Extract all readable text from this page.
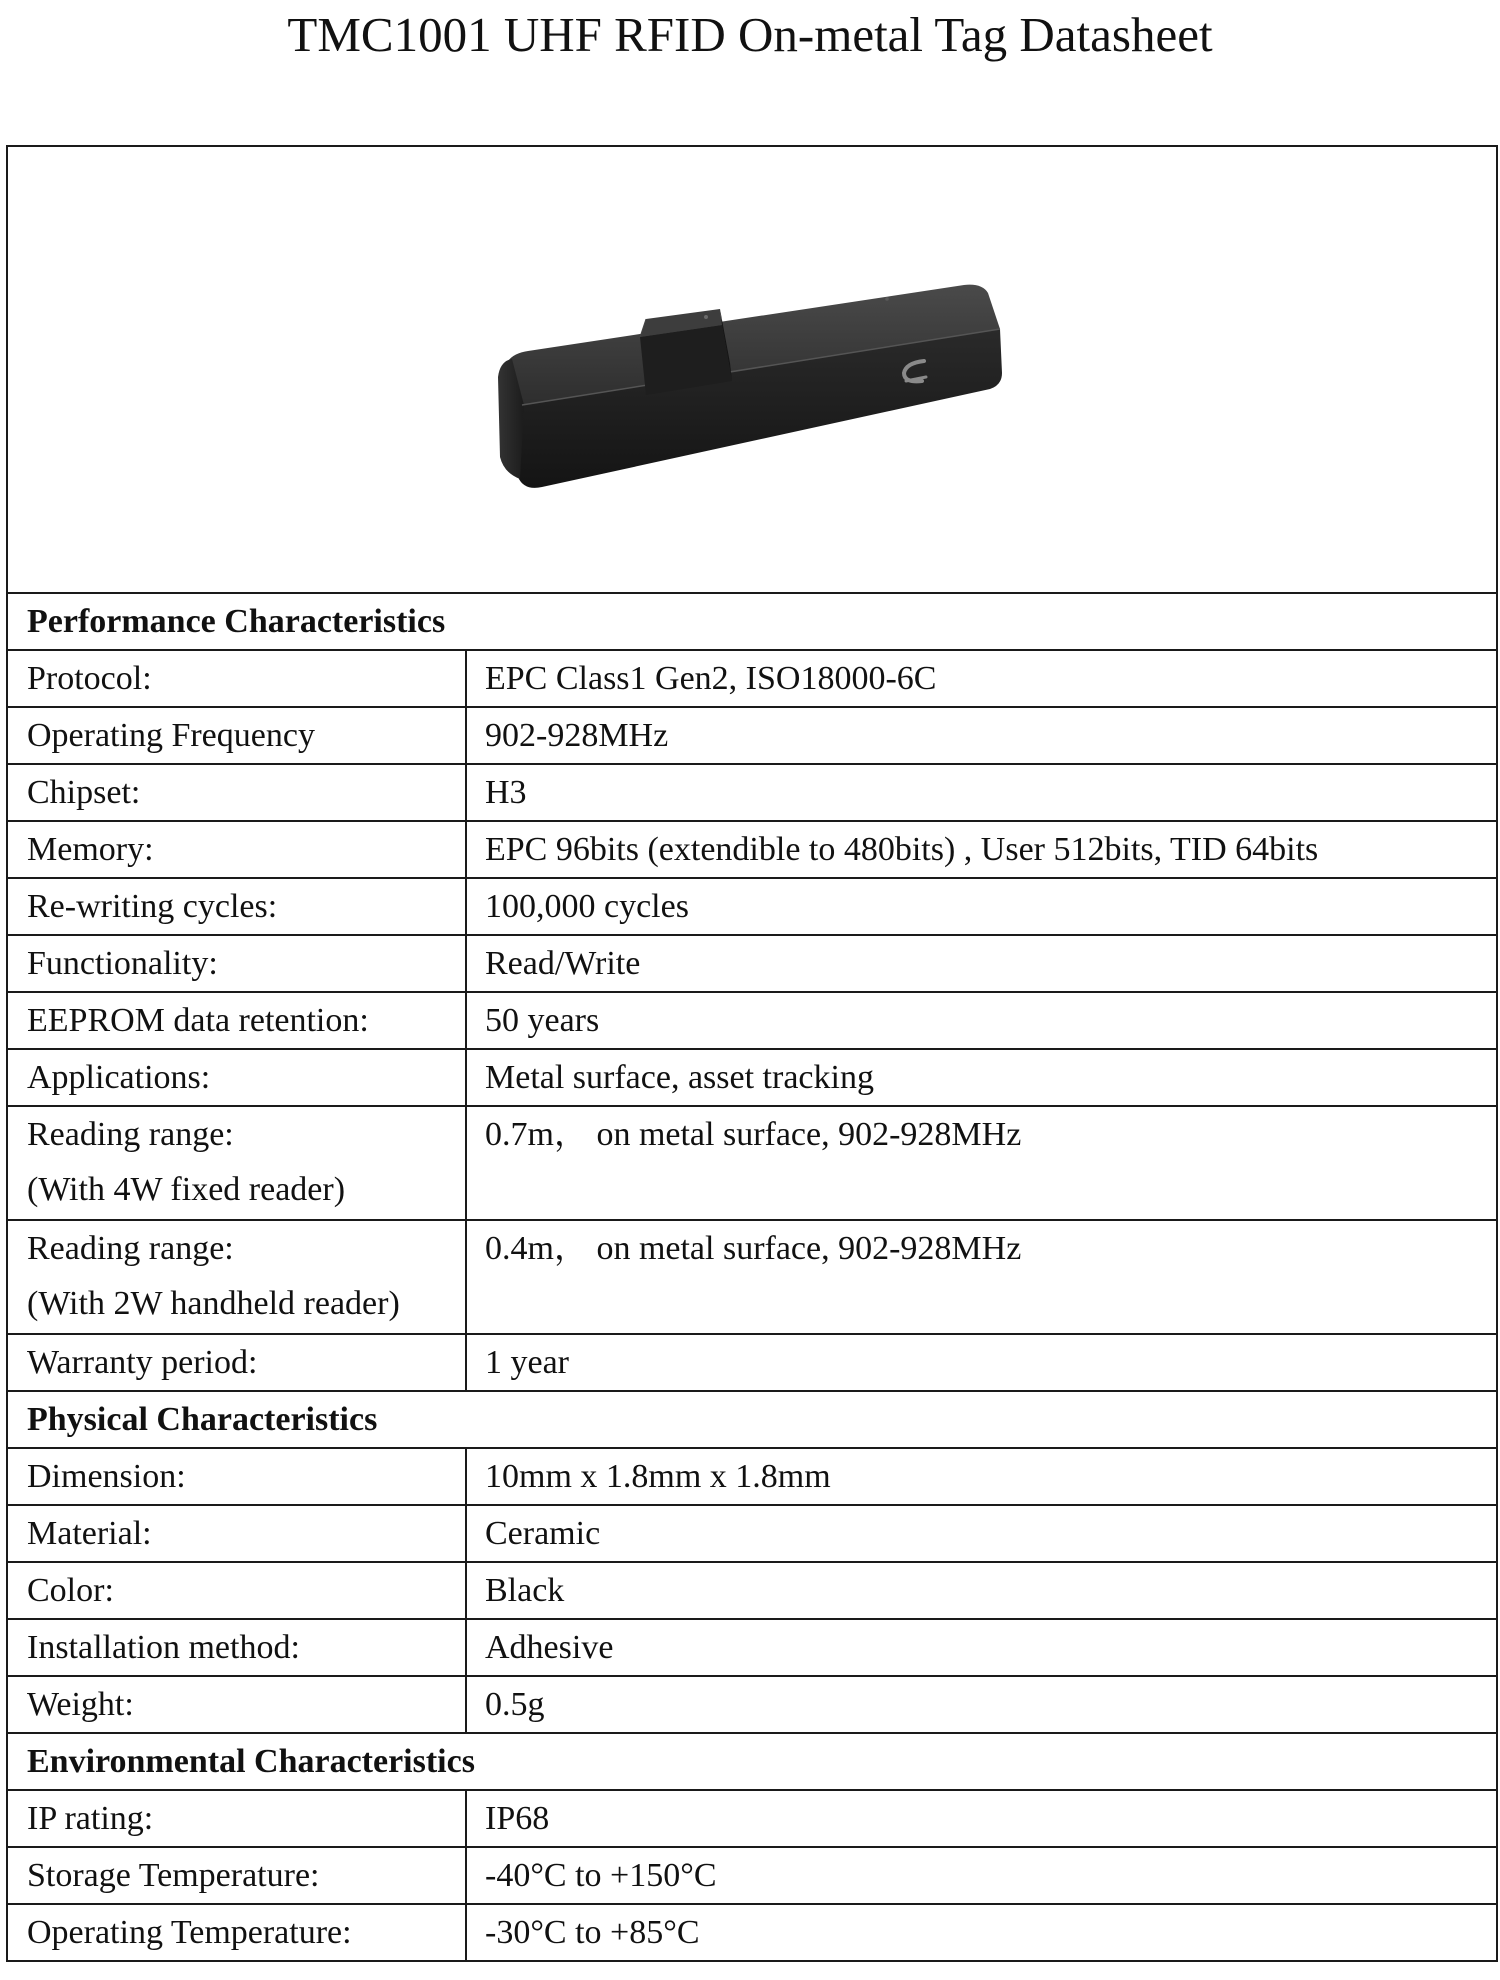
TMC1001 UHF RFID On-metal Tag Datasheet

Performance Characteristics	
Protocol:	EPC Class1 Gen2, ISO18000-6C
Operating Frequency	902-928MHz
Chipset:	H3
Memory:	EPC 96bits (extendible to 480bits) , User 512bits, TID 64bits
Re-writing cycles:	100,000 cycles
Functionality:	Read/Write
EEPROM data retention:	50 years
Applications:	Metal surface, asset tracking

Reading range:
(With 4W fixed reader)	0.7m， on metal surface, 902-928MHz

Reading range:
(With 2W handheld reader)	0.4m， on metal surface, 902-928MHz
Warranty period:	1 year
Physical Characteristics	
Dimension:	10mm x 1.8mm x 1.8mm
Material:	Ceramic
Color:	Black
Installation method:	Adhesive
Weight:	0.5g
Environmental Characteristics	
IP rating:	IP68
Storage Temperature:	-40°C to +150°C
Operating Temperature:	-30°C to +85°C
